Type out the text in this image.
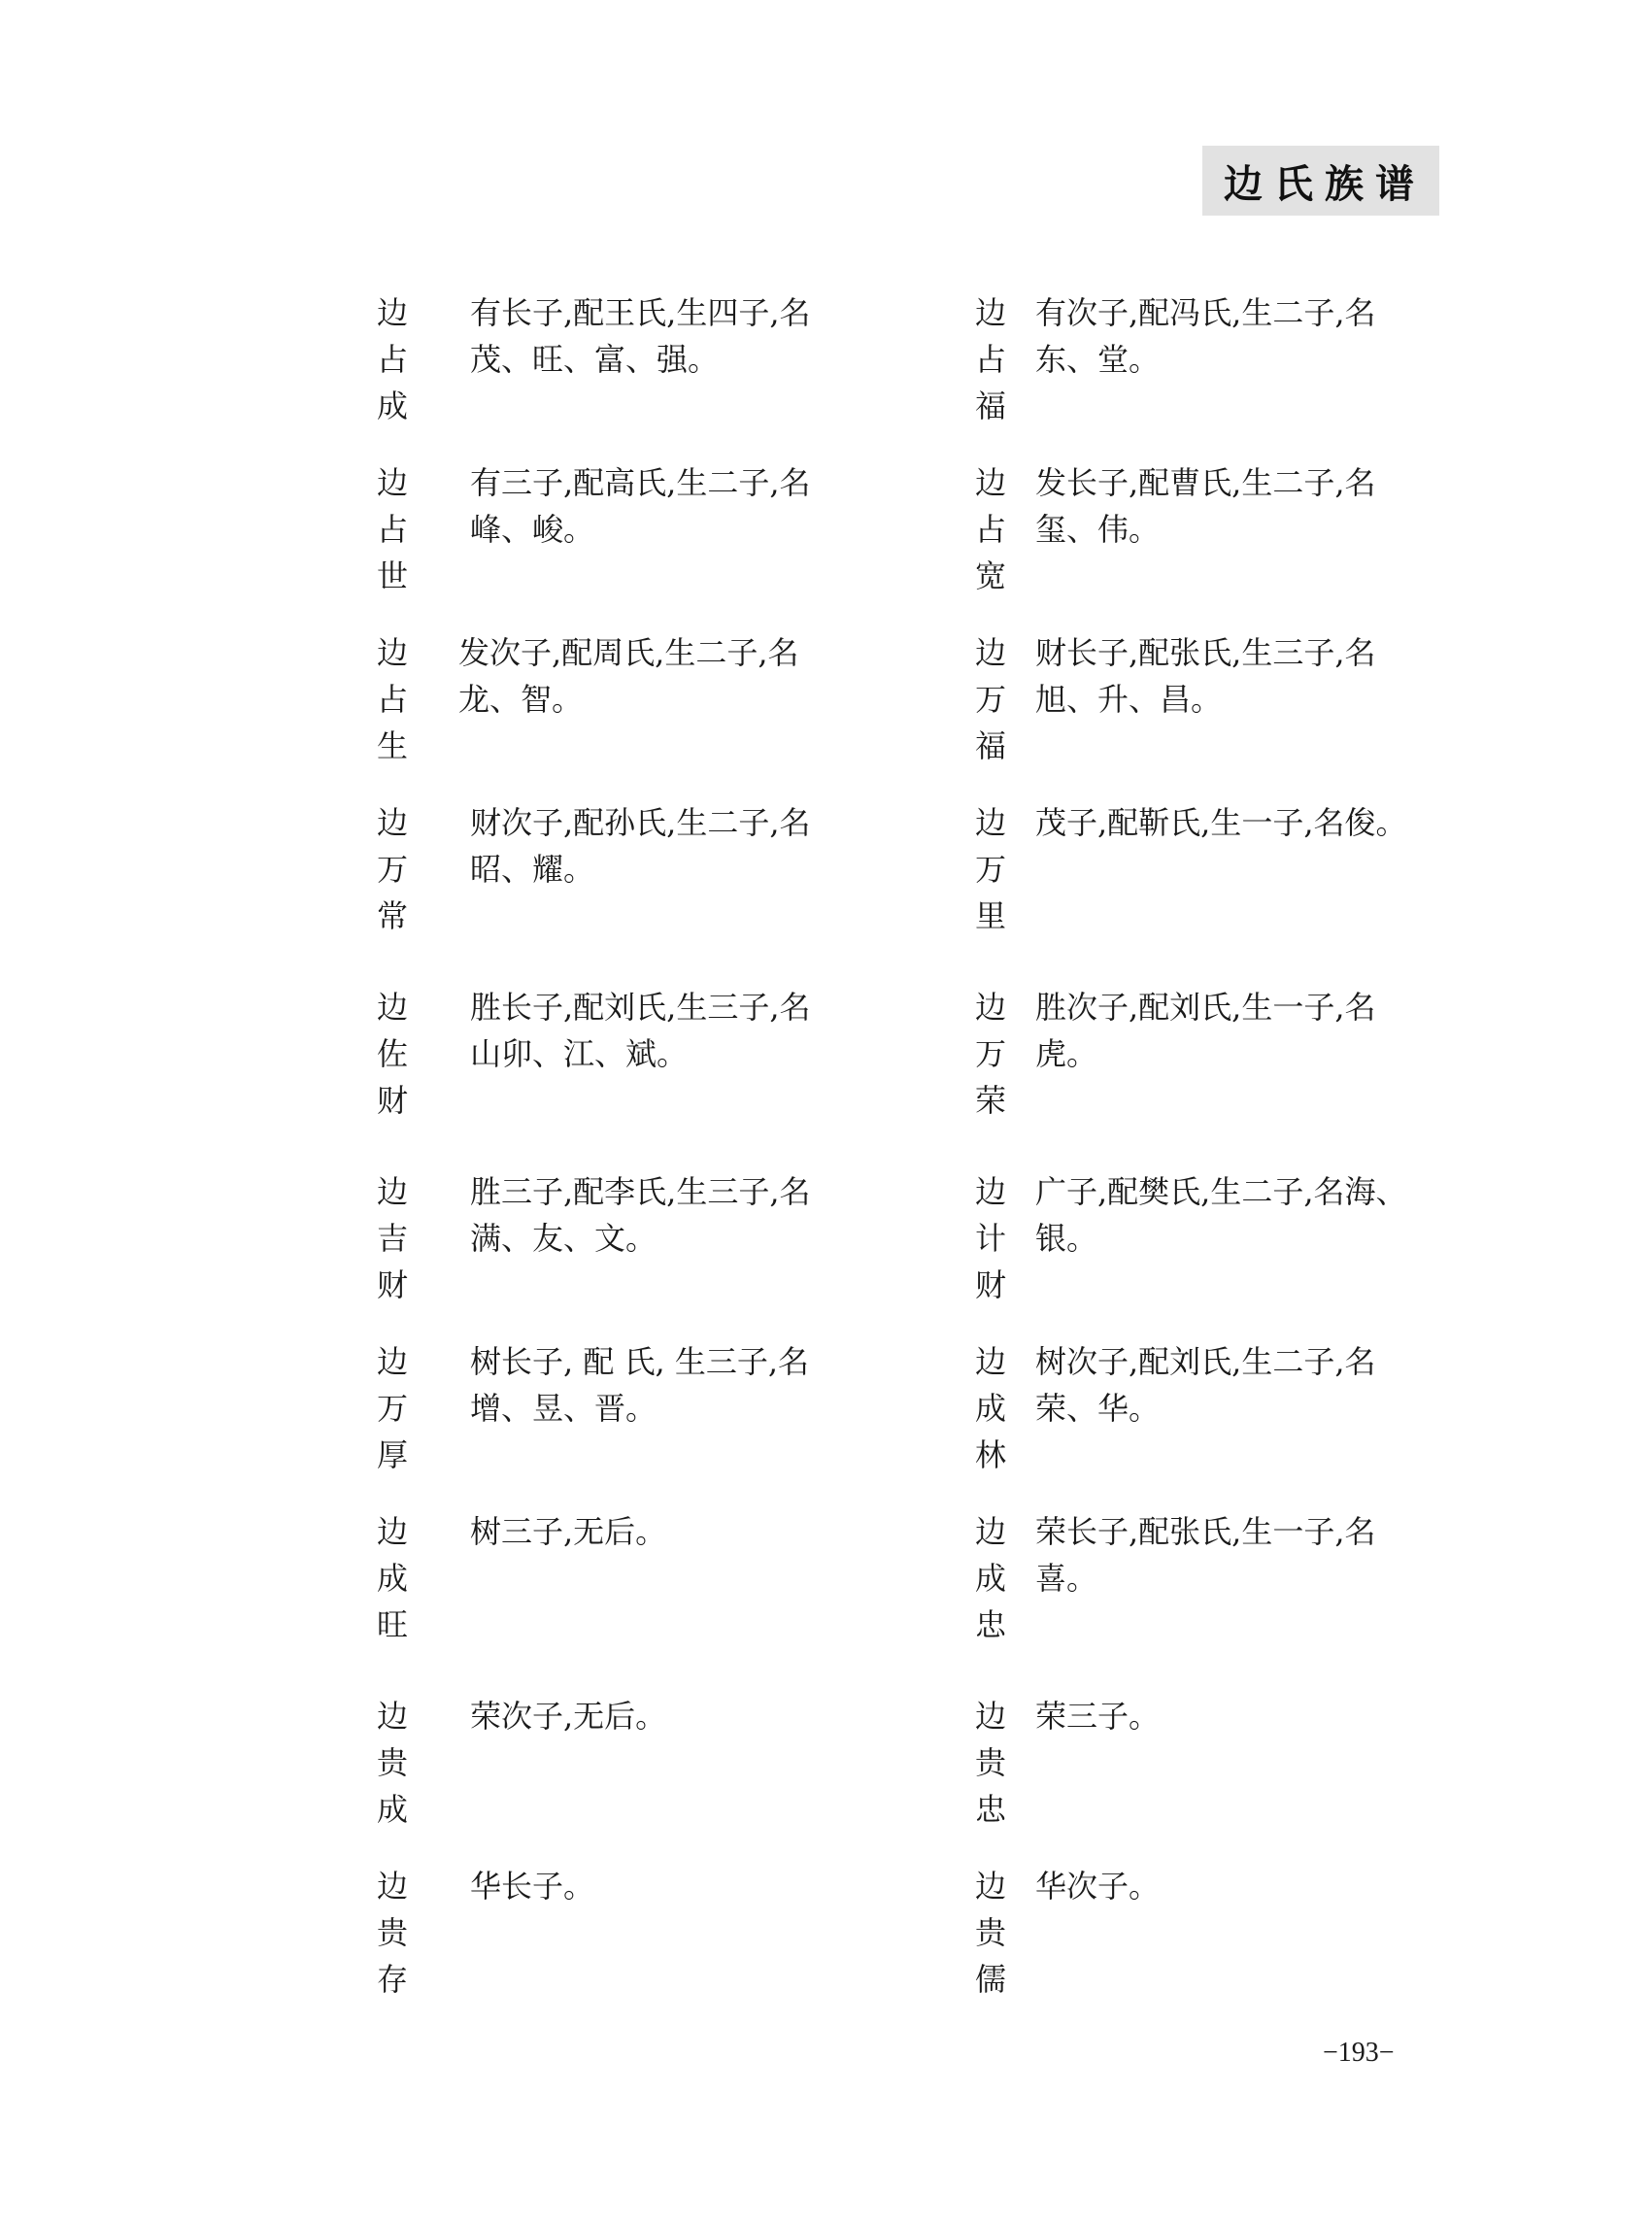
边氏族谱
边
占
成
有长子,配王氏,生四子,名
茂、旺、富、强。
边
占
世
有三子,配高氏,生二子,名
峰、峻。
边
占
生
发次子,配周氏,生二子,名
龙、智。
边
万
常
财次子,配孙氏,生二子,名
昭、耀。
边
佐
财
胜长子,配刘氏,生三子,名
山卯、江、斌。
边
吉
财
胜三子,配李氏,生三子,名
满、友、文。
边
万
厚
树长子, 配 氏, 生三子,名
增、昱、晋。
边
成
旺
树三子,无后。
边
贵
成
荣次子,无后。
边
贵
存
华长子。
边
占
福
有次子,配冯氏,生二子,名
东、堂。
边
占
宽
发长子,配曹氏,生二子,名
玺、伟。
边
万
福
财长子,配张氏,生三子,名
旭、升、昌。
边
万
里
茂子,配靳氏,生一子,名俊。
边
万
荣
胜次子,配刘氏,生一子,名
虎。
边
计
财
广子,配樊氏,生二子,名海、
银。
边
成
林
树次子,配刘氏,生二子,名
荣、华。
边
成
忠
荣长子,配张氏,生一子,名
喜。
边
贵
忠
荣三子。
边
贵
儒
华次子。
−193−
